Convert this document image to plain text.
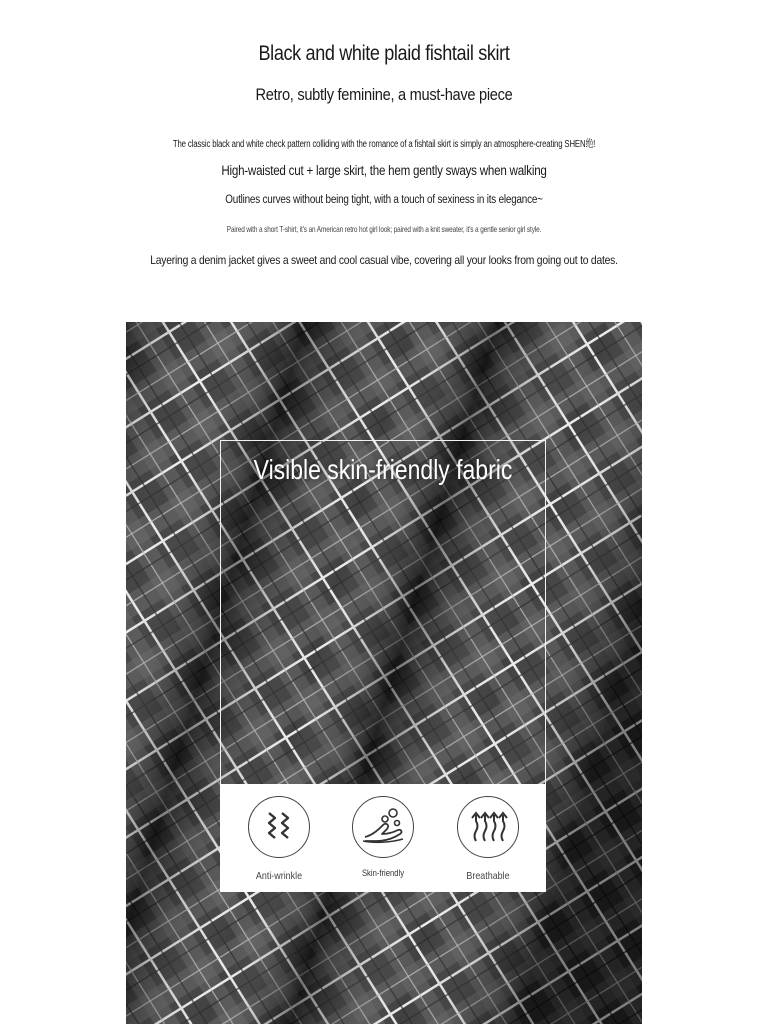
Black and white plaid fishtail skirt
Retro, subtly feminine, a must-have piece
The classic black and white check pattern colliding with the romance of a fishtail skirt is simply an atmosphere-creating SHEN绝!
High-waisted cut + large skirt, the hem gently sways when walking
Outlines curves without being tight, with a touch of sexiness in its elegance~
Paired with a short T-shirt, it's an American retro hot girl look; paired with a knit sweater, it's a gentle senior girl style.
Layering a denim jacket gives a sweet and cool casual vibe, covering all your looks from going out to dates.
Visible skin-friendly fabric
Anti-wrinkle	Skin-friendly	Breathable
